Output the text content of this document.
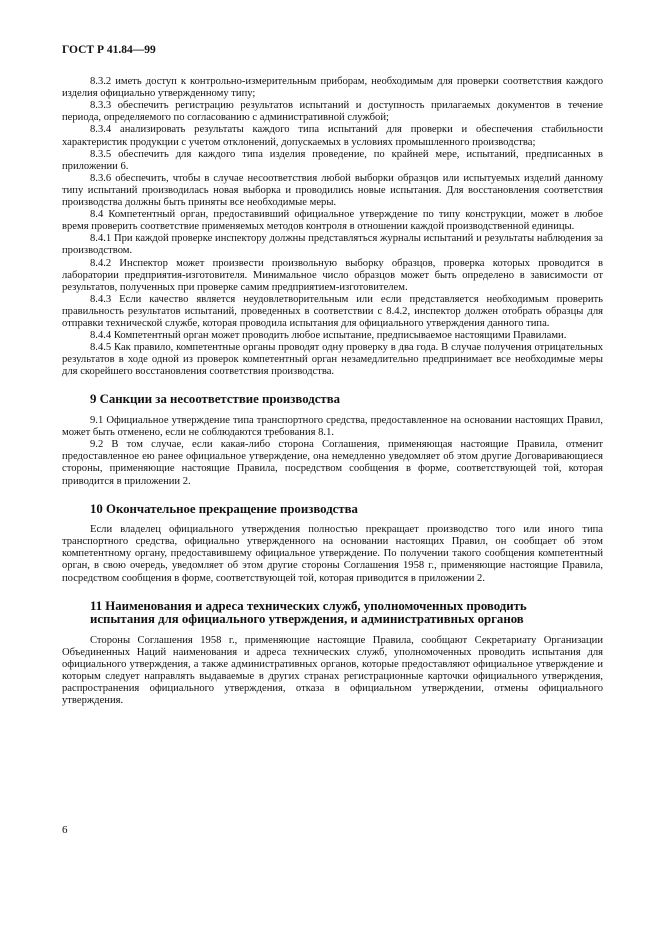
ГОСТ Р 41.84—99

8.3.2 иметь доступ к контрольно-измерительным приборам, необходимым для проверки соответствия каждого изделия официально утвержденному типу;

8.3.3 обеспечить регистрацию результатов испытаний и доступность прилагаемых документов в течение периода, определяемого по согласованию с административной службой;

8.3.4 анализировать результаты каждого типа испытаний для проверки и обеспечения стабильности характеристик продукции с учетом отклонений, допускаемых в условиях промышленного производства;

8.3.5 обеспечить для каждого типа изделия проведение, по крайней мере, испытаний, предписанных в приложении 6.

8.3.6 обеспечить, чтобы в случае несоответствия любой выборки образцов или испытуемых изделий данному типу испытаний производилась новая выборка и проводились новые испытания. Для восстановления соответствия производства должны быть приняты все необходимые меры.

8.4 Компетентный орган, предоставивший официальное утверждение по типу конструкции, может в любое время проверить соответствие применяемых методов контроля в отношении каждой производственной единицы.

8.4.1 При каждой проверке инспектору должны представляться журналы испытаний и результаты наблюдения за производством.

8.4.2 Инспектор может произвести произвольную выборку образцов, проверка которых проводится в лаборатории предприятия-изготовителя. Минимальное число образцов может быть определено в зависимости от результатов, полученных при проверке самим предприятием-изготовителем.

8.4.3 Если качество является неудовлетворительным или если представляется необходимым проверить правильность результатов испытаний, проведенных в соответствии с 8.4.2, инспектор должен отобрать образцы для отправки технической службе, которая проводила испытания для официального утверждения данного типа.

8.4.4 Компетентный орган может проводить любое испытание, предписываемое настоящими Правилами.

8.4.5 Как правило, компетентные органы проводят одну проверку в два года. В случае получения отрицательных результатов в ходе одной из проверок компетентный орган незамедлительно предпринимает все необходимые меры для скорейшего восстановления соответствия производства.

9 Санкции за несоответствие производства

9.1 Официальное утверждение типа транспортного средства, предоставленное на основании настоящих Правил, может быть отменено, если не соблюдаются требования 8.1.

9.2 В том случае, если какая-либо сторона Соглашения, применяющая настоящие Правила, отменит предоставленное ею ранее официальное утверждение, она немедленно уведомляет об этом другие Договаривающиеся стороны, применяющие настоящие Правила, посредством сообщения в форме, соответствующей той, которая приводится в приложении 2.

10 Окончательное прекращение производства

Если владелец официального утверждения полностью прекращает производство того или иного типа транспортного средства, официально утвержденного на основании настоящих Правил, он сообщает об этом компетентному органу, предоставившему официальное утверждение. По получении такого сообщения компетентный орган, в свою очередь, уведомляет об этом другие стороны Соглашения 1958 г., применяющие настоящие Правила, посредством сообщения в форме, соответствующей той, которая приводится в приложении 2.

11 Наименования и адреса технических служб, уполномоченных проводить
испытания для официального утверждения, и административных органов

Стороны Соглашения 1958 г., применяющие настоящие Правила, сообщают Секретариату Организации Объединенных Наций наименования и адреса технических служб, уполномоченных проводить испытания для официального утверждения, а также административных органов, которые предоставляют официальное утверждение и которым следует направлять выдаваемые в других странах регистрационные карточки официального утверждения, распространения официального утверждения, отказа в официальном утверждении, отмены официального утверждения.

6
